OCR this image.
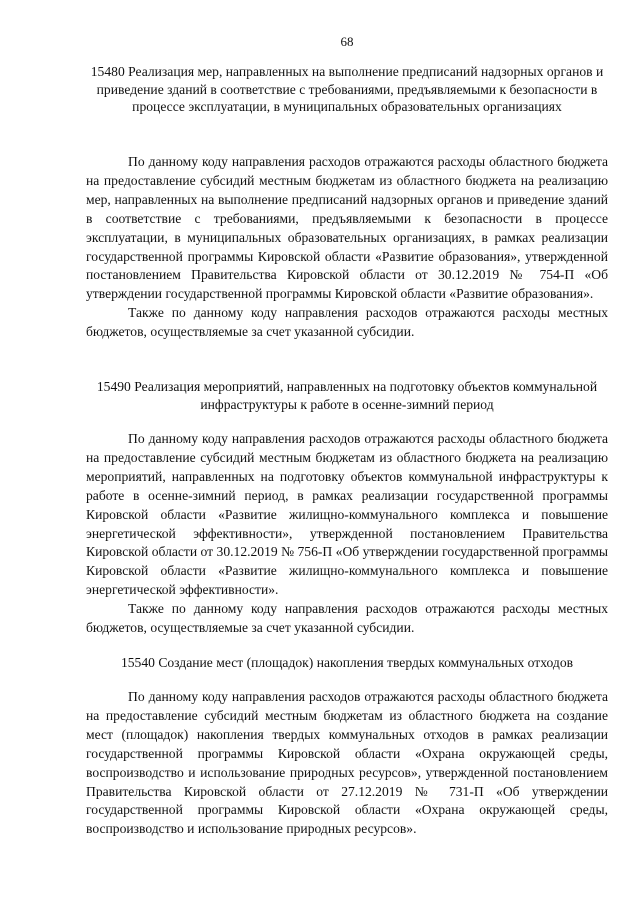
68
15480 Реализация мер, направленных на выполнение предписаний надзорных органов и приведение зданий в соответствие с требованиями, предъявляемыми к безопасности в процессе эксплуатации, в муниципальных образовательных организациях

По данному коду направления расходов отражаются расходы областного бюджета на предоставление субсидий местным бюджетам из областного бюджета на реализацию мер, направленных на выполнение предписаний надзорных органов и приведение зданий в соответствие с требованиями, предъявляемыми к безопасности в процессе эксплуатации, в муниципальных образовательных организациях, в рамках реализации государственной программы Кировской области «Развитие образования», утвержденной постановлением Правительства Кировской области от 30.12.2019 № 754-П «Об утверждении государственной программы Кировской области «Развитие образования».

Также по данному коду направления расходов отражаются расходы местных бюджетов, осуществляемые за счет указанной субсидии.

15490 Реализация мероприятий, направленных на подготовку объектов коммунальной инфраструктуры к работе в осенне-зимний период

По данному коду направления расходов отражаются расходы областного бюджета на предоставление субсидий местным бюджетам из областного бюджета на реализацию мероприятий, направленных на подготовку объектов коммунальной инфраструктуры к работе в осенне-зимний период, в рамках реализации государственной программы Кировской области «Развитие жилищно-коммунального комплекса и повышение энергетической эффективности», утвержденной постановлением Правительства Кировской области от 30.12.2019 № 756-П «Об утверждении государственной программы Кировской области «Развитие жилищно-коммунального комплекса и повышение энергетической эффективности».

Также по данному коду направления расходов отражаются расходы местных бюджетов, осуществляемые за счет указанной субсидии.

15540 Создание мест (площадок) накопления твердых коммунальных отходов

По данному коду направления расходов отражаются расходы областного бюджета на предоставление субсидий местным бюджетам из областного бюджета на создание мест (площадок) накопления твердых коммунальных отходов в рамках реализации государственной программы Кировской области «Охрана окружающей среды, воспроизводство и использование природных ресурсов», утвержденной постановлением Правительства Кировской области от 27.12.2019 № 731-П «Об утверждении государственной программы Кировской области «Охрана окружающей среды, воспроизводство и использование природных ресурсов».
